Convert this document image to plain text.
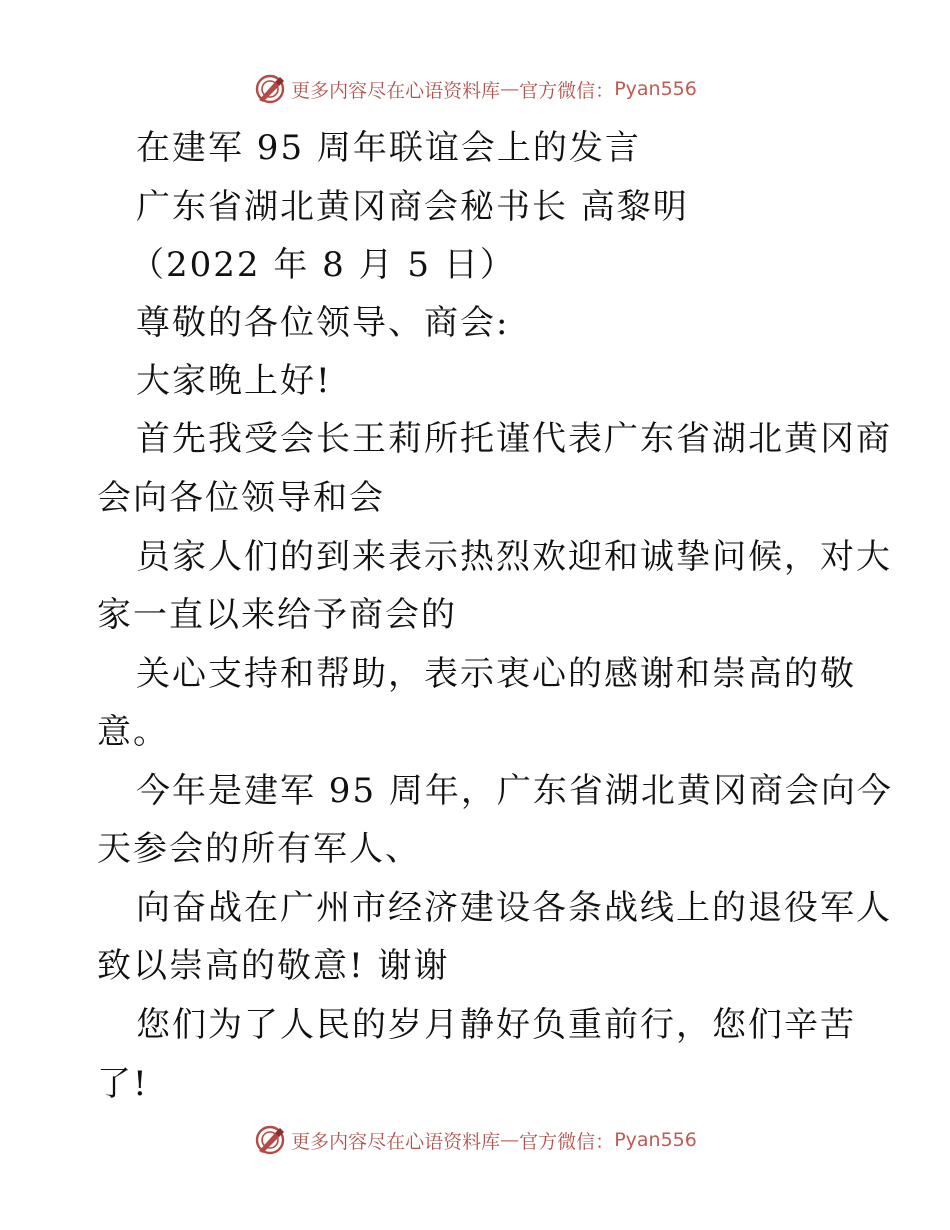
更多内容尽在心语资料库 — 官方微信： Pyan556
在建军 95 周年联谊会上的发言
广东省湖北黄冈商会秘书长 高黎明
（2022 年 8 月 5 日）
尊敬的各位领导、商会:
大家晚上好!
首先我受会长王莉所托谨代表广东省湖北黄冈商
会向各位领导和会
员家人们的到来表示热烈欢迎和诚挚问候，对大
家一直以来给予商会的
关心支持和帮助，表示衷心的感谢和崇高的敬
意。
今年是建军 95 周年，广东省湖北黄冈商会向今
天参会的所有军人、
向奋战在广州市经济建设各条战线上的退役军人
致以崇高的敬意! 谢谢
您们为了人民的岁月静好负重前行，您们辛苦
了!
更多内容尽在心语资料库 — 官方微信： Pyan556
